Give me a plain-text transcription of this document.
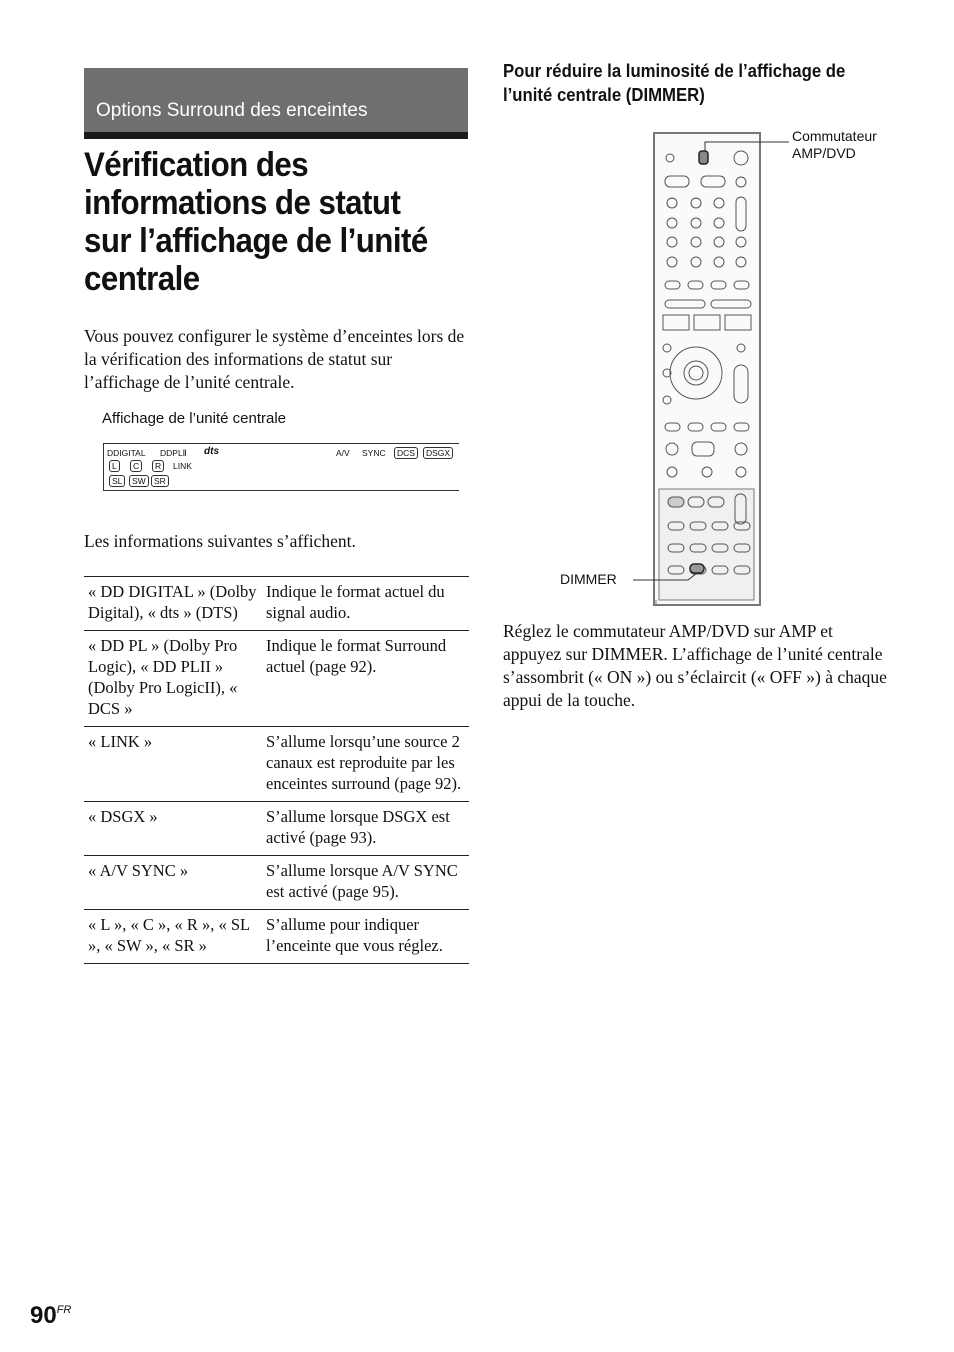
Options Surround des enceintes
Vérification des informations de statut sur l’affichage de l’unité centrale

Vous pouvez configurer le système d’enceintes lors de la vérification des informations de statut sur l’affichage de l’unité centrale.

Affichage de l’unité centrale
DDIGITAL DDPLⅡ dts	A/V SYNC	DCS	DSGX
L	C	R	LINK
SL	SW SR

Les informations suivantes s’affichent.

« DD DIGITAL » (Dolby Digital), « dts » (DTS)	Indique le format actuel du signal audio.
« DD PL » (Dolby Pro Logic), « DD PLII » (Dolby Pro LogicII), « DCS »	Indique le format Surround actuel (page 92).
« LINK »	S’allume lorsqu’une source 2 canaux est reproduite par les enceintes surround (page 92).
« DSGX »	S’allume lorsque DSGX est activé (page 93).
« A/V SYNC »	S’allume lorsque A/V SYNC est activé (page 95).
« L », « C », « R », « SL », « SW », « SR »	S’allume pour indiquer l’enceinte que vous réglez.
Pour réduire la luminosité de l’affichage de l’unité centrale (DIMMER)
Commutateur AMP/DVD
DIMMER

Réglez le commutateur AMP/DVD sur AMP et appuyez sur DIMMER. L’affichage de l’unité centrale s’assombrit (« ON ») ou s’éclaircit (« OFF ») à chaque appui de la touche.

$90^{FR}$
